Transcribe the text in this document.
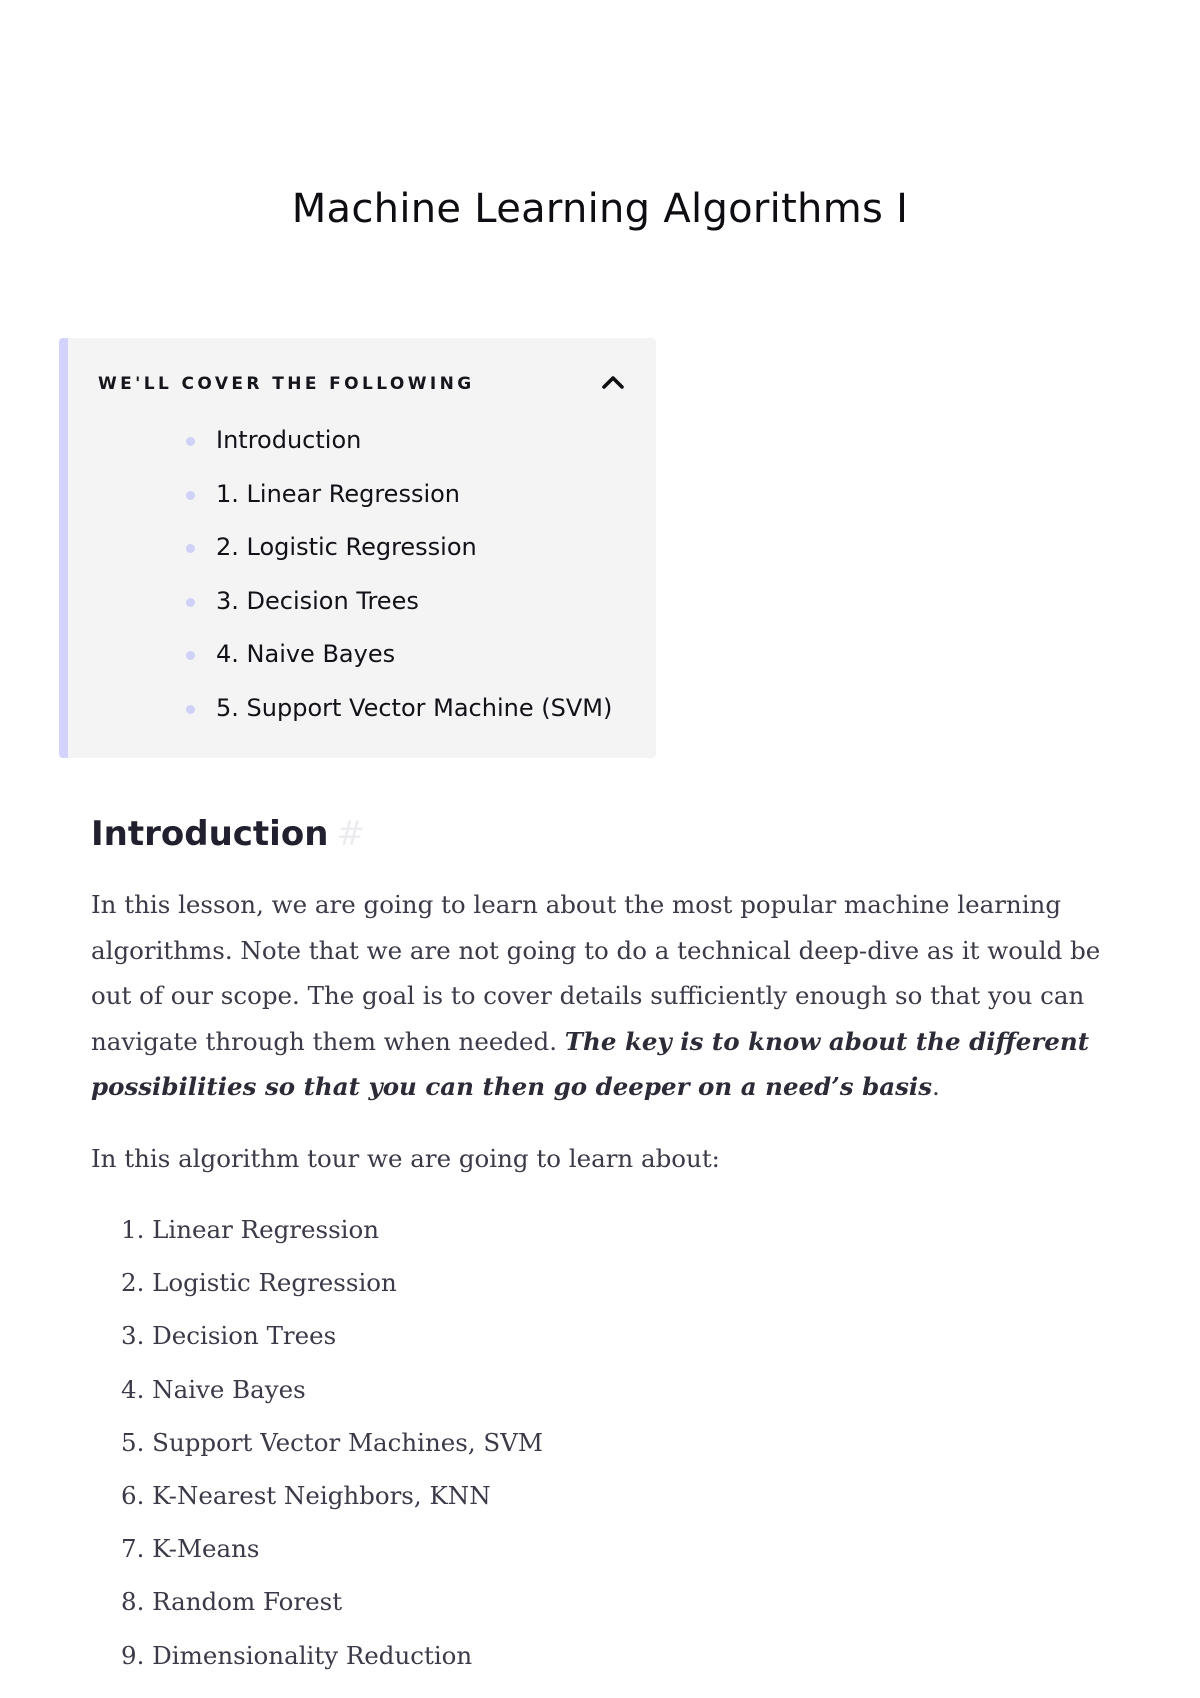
Machine Learning Algorithms I
WE'LL COVER THE FOLLOWING
Introduction
1. Linear Regression
2. Logistic Regression
3. Decision Trees
4. Naive Bayes
5. Support Vector Machine (SVM)
Introduction #

In this lesson, we are going to learn about the most popular machine learning algorithms. Note that we are not going to do a technical deep-dive as it would be out of our scope. The goal is to cover details sufficiently enough so that you can navigate through them when needed. The key is to know about the different possibilities so that you can then go deeper on a need’s basis.

In this algorithm tour we are going to learn about:

1. Linear Regression
2. Logistic Regression
3. Decision Trees
4. Naive Bayes
5. Support Vector Machines, SVM
6. K-Nearest Neighbors, KNN
7. K-Means
8. Random Forest
9. Dimensionality Reduction
